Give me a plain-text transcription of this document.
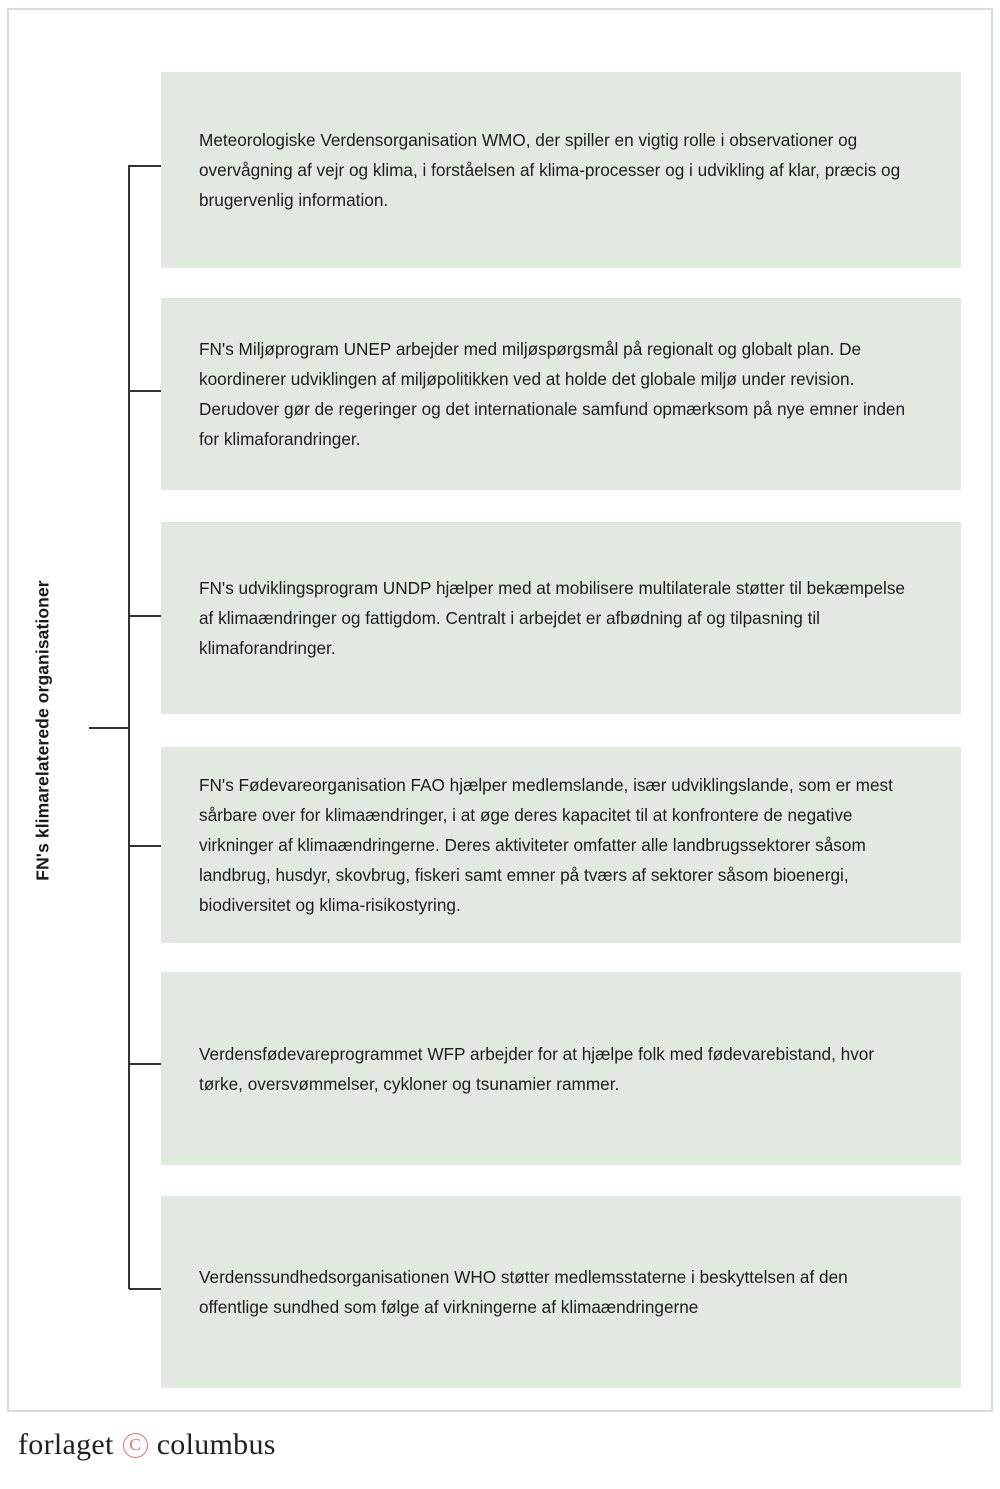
FN's klimarelaterede organisationer
Meteorologiske Verdensorganisation WMO, der spiller en vigtig rolle i observationer og overvågning af vejr og klima, i forståelsen af klima-processer og i udvikling af klar, præcis og brugervenlig information.
FN's Miljøprogram UNEP arbejder med miljøspørgsmål på regionalt og globalt plan. De koordinerer udviklingen af miljøpolitikken ved at holde det globale miljø under revision. Derudover gør de regeringer og det internationale samfund opmærksom på nye emner inden for klimaforandringer.
FN's udviklingsprogram UNDP hjælper med at mobilisere multilaterale støtter til bekæmpelse af klimaændringer og fattigdom. Centralt i arbejdet er afbødning af og tilpasning til klimaforandringer.
FN's Fødevareorganisation FAO hjælper medlemslande, især udviklingslande, som er mest sårbare over for klimaændringer, i at øge deres kapacitet til at konfrontere de negative virkninger af klimaændringerne. Deres aktiviteter omfatter alle landbrugssektorer såsom landbrug, husdyr, skovbrug, fiskeri samt emner på tværs af sektorer såsom bioenergi, biodiversitet og klima-risikostyring.
Verdensfødevareprogrammet WFP arbejder for at hjælpe folk med fødevarebistand, hvor tørke, oversvømmelser, cykloner og tsunamier rammer.
Verdenssundhedsorganisationen WHO støtter medlemsstaterne i beskyttelsen af den offentlige sundhed som følge af virkningerne af klimaændringerne
forlaget C columbus
